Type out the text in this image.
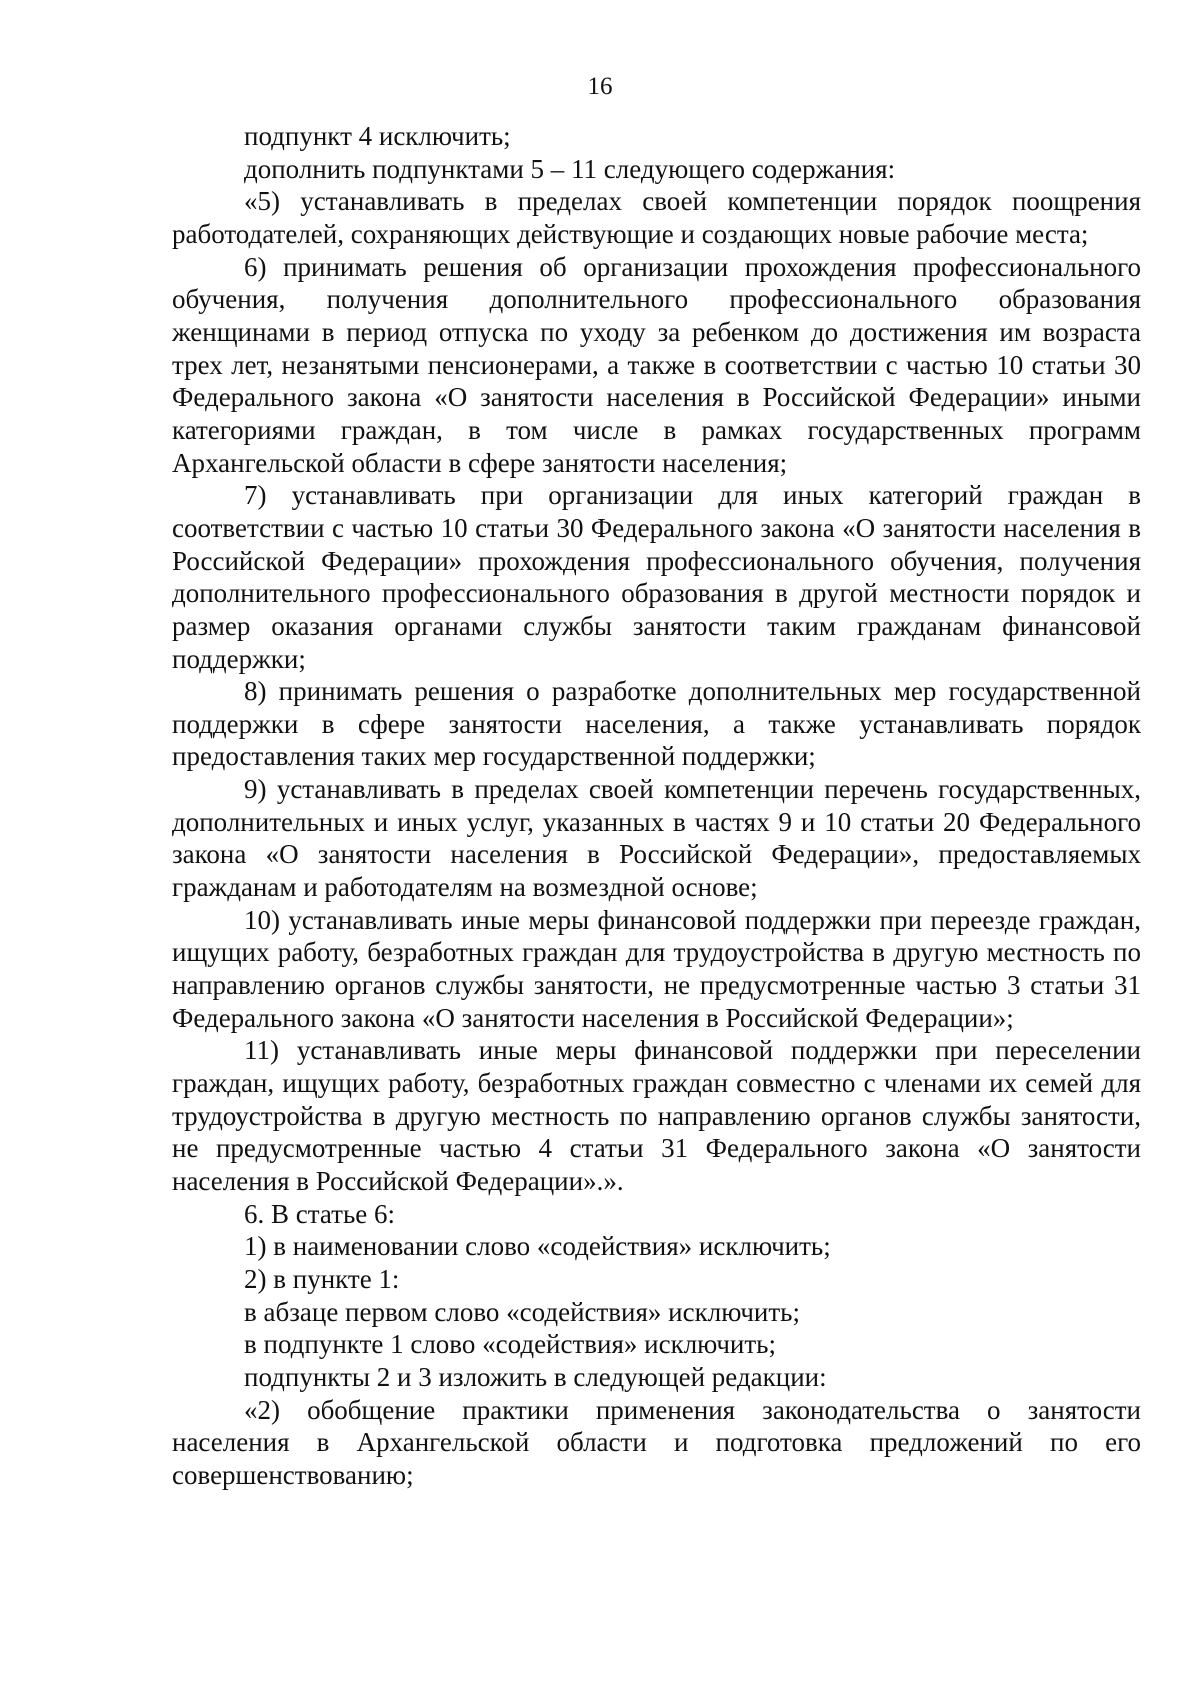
16

подпункт 4 исключить;

дополнить подпунктами 5 – 11 следующего содержания:

«5) устанавливать в пределах своей компетенции порядок поощрения работодателей, сохраняющих действующие и создающих новые рабочие места;

6) принимать решения об организации прохождения профессионального обучения, получения дополнительного профессионального образования женщинами в период отпуска по уходу за ребенком до достижения им возраста трех лет, незанятыми пенсионерами, а также в соответствии с частью 10 статьи 30 Федерального закона «О занятости населения в Российской Федерации» иными категориями граждан, в том числе в рамках государственных программ Архангельской области в сфере занятости населения;

7) устанавливать при организации для иных категорий граждан в соответствии с частью 10 статьи 30 Федерального закона «О занятости населения в Российской Федерации» прохождения профессионального обучения, получения дополнительного профессионального образования в другой местности порядок и размер оказания органами службы занятости таким гражданам финансовой поддержки;

8) принимать решения о разработке дополнительных мер государственной поддержки в сфере занятости населения, а также устанавливать порядок предоставления таких мер государственной поддержки;

9) устанавливать в пределах своей компетенции перечень государственных, дополнительных и иных услуг, указанных в частях 9 и 10 статьи 20 Федерального закона «О занятости населения в Российской Федерации», предоставляемых гражданам и работодателям на возмездной основе;

10) устанавливать иные меры финансовой поддержки при переезде граждан, ищущих работу, безработных граждан для трудоустройства в другую местность по направлению органов службы занятости, не предусмотренные частью 3 статьи 31 Федерального закона «О занятости населения в Российской Федерации»;

11) устанавливать иные меры финансовой поддержки при переселении граждан, ищущих работу, безработных граждан совместно с членами их семей для трудоустройства в другую местность по направлению органов службы занятости, не предусмотренные частью 4 статьи 31 Федерального закона «О занятости населения в Российской Федерации».».

6. В статье 6:

1) в наименовании слово «содействия» исключить;

2) в пункте 1:

в абзаце первом слово «содействия» исключить;

в подпункте 1 слово «содействия» исключить;

подпункты 2 и 3 изложить в следующей редакции:

«2) обобщение практики применения законодательства о занятости населения в Архангельской области и подготовка предложений по его совершенствованию;
